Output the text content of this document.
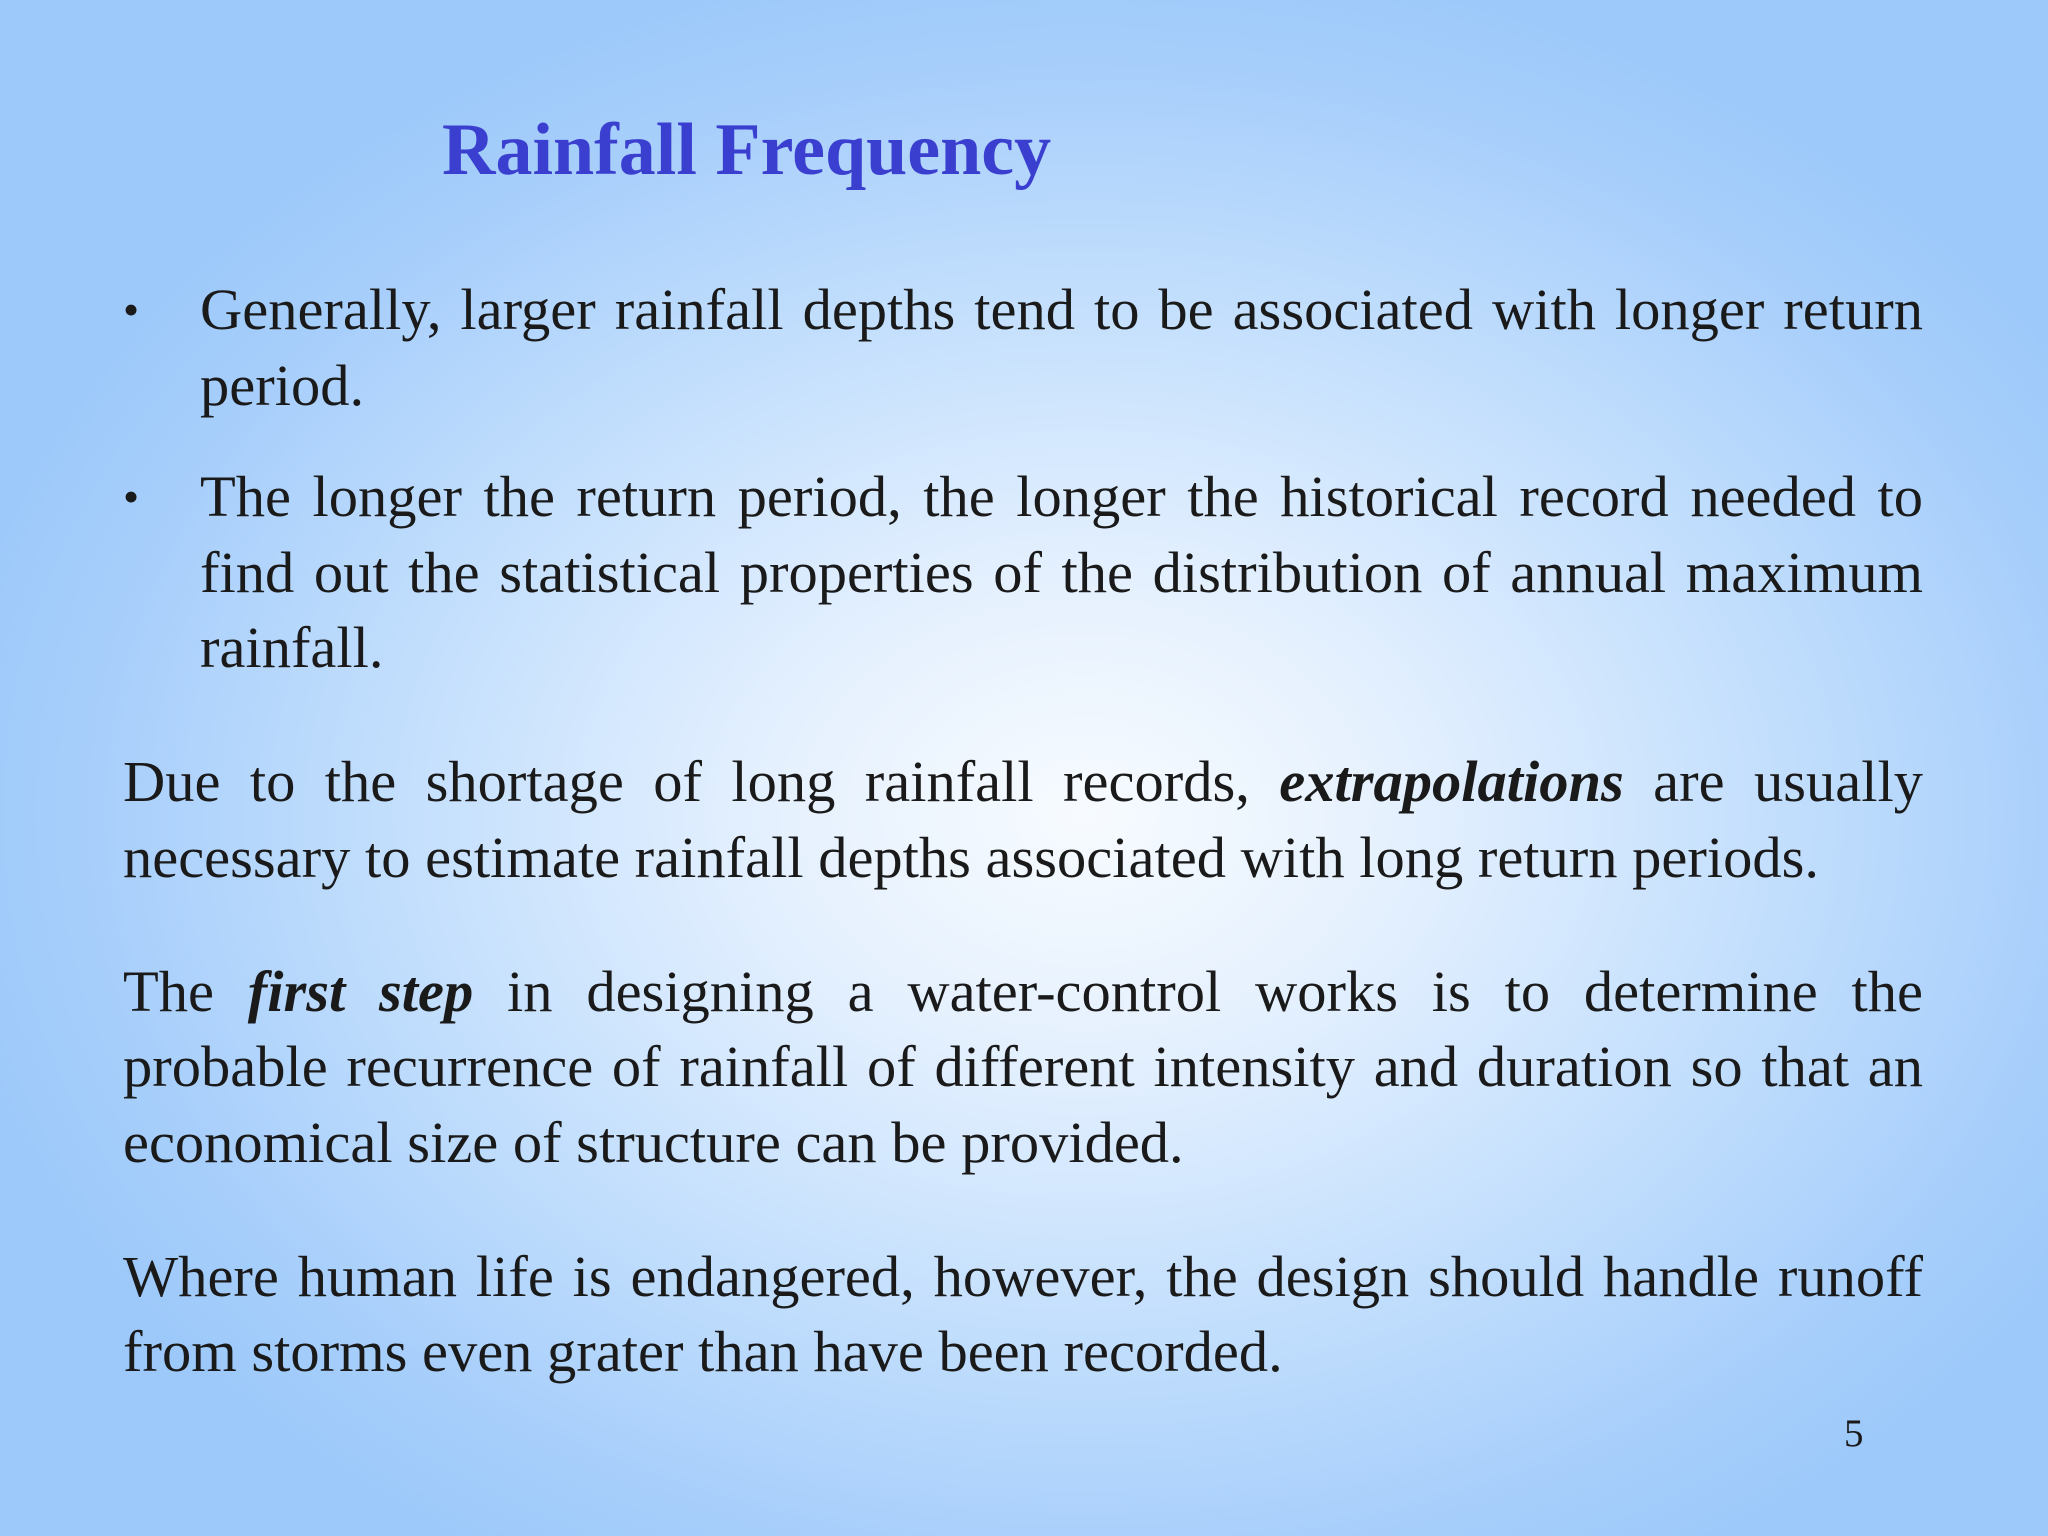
Rainfall Frequency
• Generally, larger rainfall depths tend to be associated with longer return period.
• The longer the return period, the longer the historical record needed to find out the statistical properties of the distribution of annual maximum rainfall.

Due to the shortage of long rainfall records, extrapolations are usually necessary to estimate rainfall depths associated with long return periods.

The first step in designing a water-control works is to determine the probable recurrence of rainfall of different intensity and duration so that an economical size of structure can be provided.

Where human life is endangered, however, the design should handle runoff from storms even grater than have been recorded.

5
